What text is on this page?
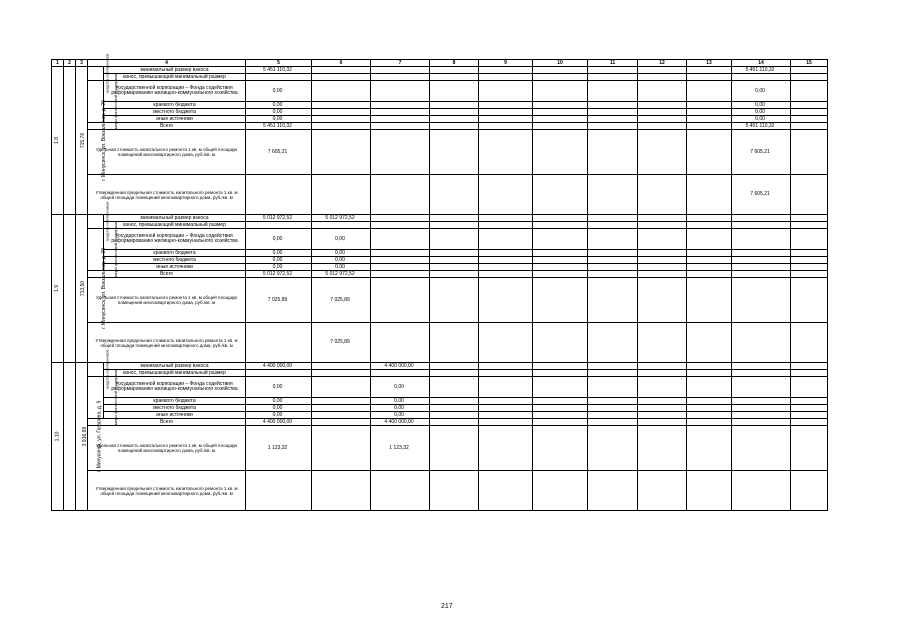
1	2	3	4		5	6	7	8	9	10	11	12	13	14	15
1.8	г. Минусинск, ул. Вокзальная, д. 26	715,76	средства собственников	минимальный размер взноса	5 451 110,32									5 451 110,32	
				взнос, превышающий минимальный размер											
			меры финансовой поддержки	государственной корпорации – Фонда содействия реформированию жилищно-коммунального хозяйства	0,00									0,00	
				краевого бюджета	0,00									0,00	
				местного бюджета	0,00									0,00	
				иные источники	0,00									0,00	
			Всего		5 451 110,32									5 451 110,32	
			Удельная стоимость капитального ремонта 1 кв. м общей площади помещений многоквартирного дома, руб./кв. м		7 605,21									7 605,21	
			Утвержденная предельная стоимость капитального ремонта 1 кв. м общей площади помещений многоквартирного дома, руб./кв. м											7 605,21	
1.9	г. Минусинск, ул. Вокзальная, д. 28	713,50	средства собственников	минимальный размер взноса	5 012 972,52	5 012 972,52									
				взнос, превышающий минимальный размер											
			меры финансовой поддержки	государственной корпорации – Фонда содействия реформированию жилищно-коммунального хозяйства	0,00	0,00									
				краевого бюджета	0,00	0,00									
				местного бюджета	0,00	0,00									
				иные источники	0,00	0,00									
			Всего		5 012 972,52	5 012 972,52									
			Удельная стоимость капитального ремонта 1 кв. м общей площади помещений многоквартирного дома, руб./кв. м		7 025,89	7 025,89									
			Утвержденная предельная стоимость капитального ремонта 1 кв. м общей площади помещений многоквартирного дома, руб./кв. м			7 025,89									
1.10	г. Минусинск, ул. Гагарина, д. 9	3 916,98	средства собственников	минимальный размер взноса	4 400 000,00		4 400 000,00								
				взнос, превышающий минимальный размер											
			меры финансовой поддержки	государственной корпорации – Фонда содействия реформированию жилищно-коммунального хозяйства	0,00		0,00								
				краевого бюджета	0,00		0,00								
				местного бюджета	0,00		0,00								
				иные источники	0,00		0,00								
			Всего		4 400 000,00		4 400 000,00								
			Удельная стоимость капитального ремонта 1 кв. м общей площади помещений многоквартирного дома, руб./кв. м		1 123,32		1 123,32								
			Утвержденная предельная стоимость капитального ремонта 1 кв. м общей площади помещений многоквартирного дома, руб./кв. м												
217
